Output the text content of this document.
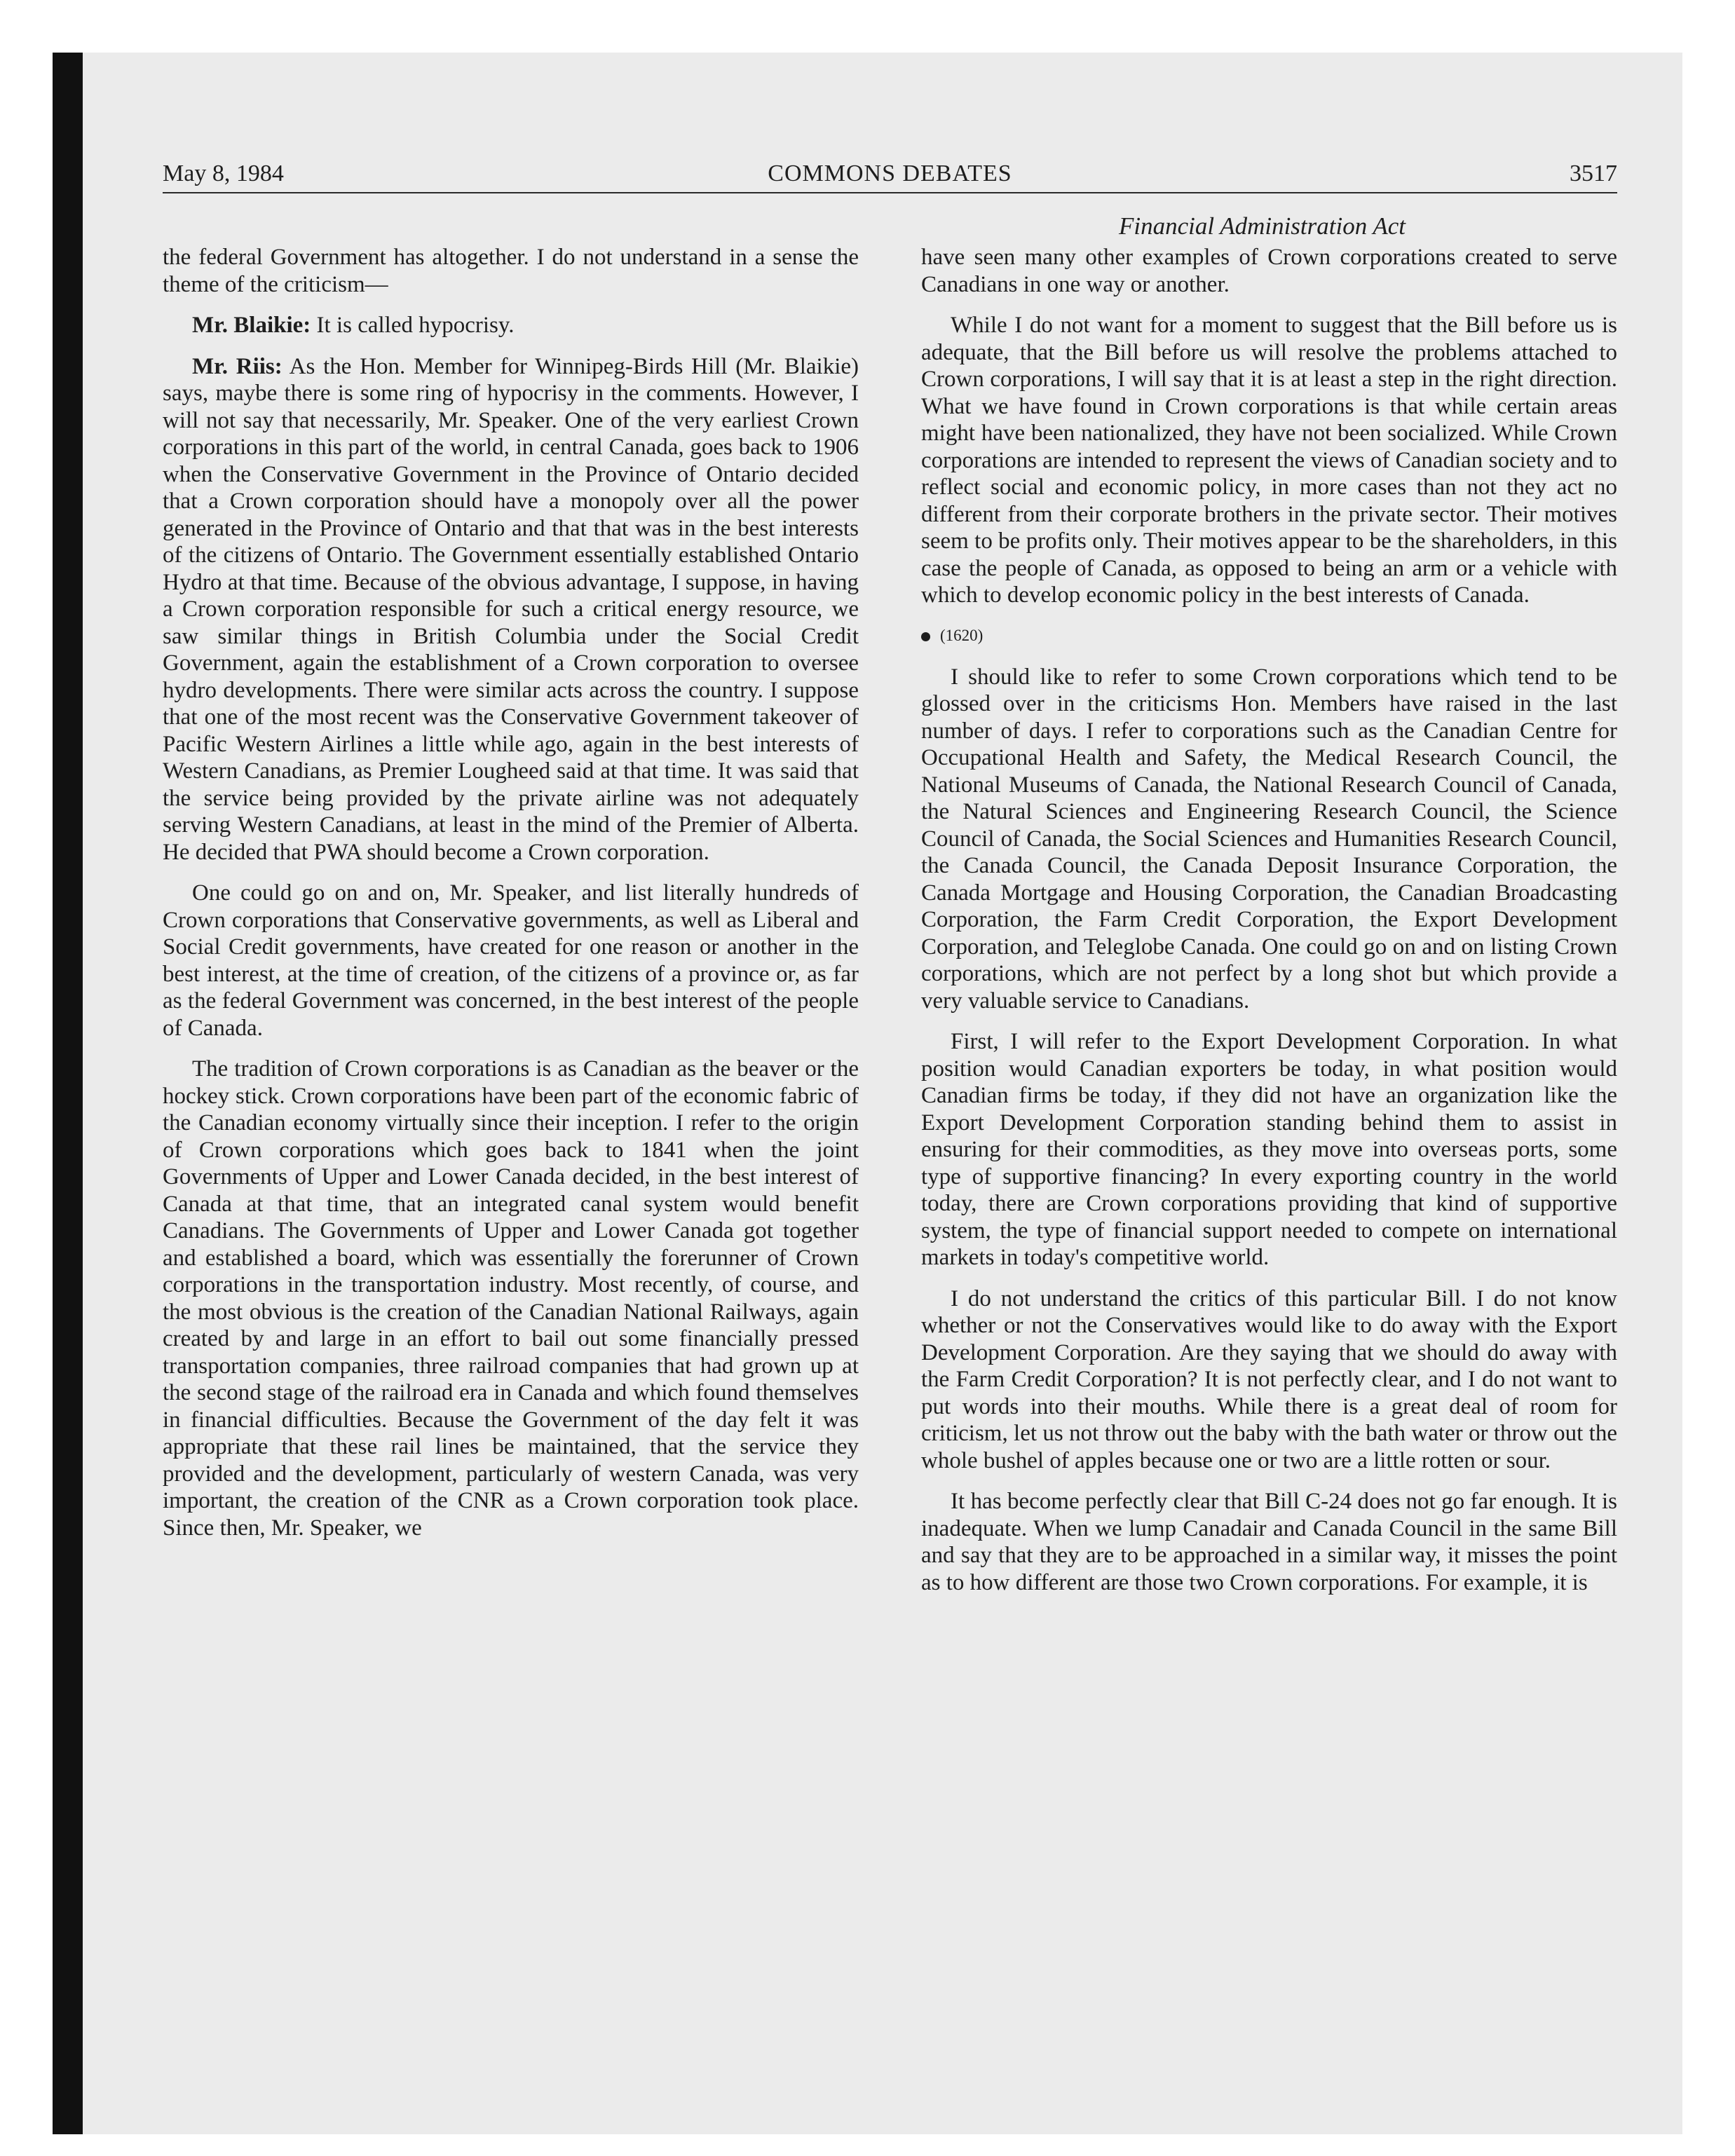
May 8, 1984	COMMONS DEBATES	3517
Financial Administration Act

the federal Government has altogether. I do not understand in a sense the theme of the criticism—

Mr. Blaikie: It is called hypocrisy.

Mr. Riis: As the Hon. Member for Winnipeg-Birds Hill (Mr. Blaikie) says, maybe there is some ring of hypocrisy in the comments. However, I will not say that necessarily, Mr. Speaker. One of the very earliest Crown corporations in this part of the world, in central Canada, goes back to 1906 when the Conservative Government in the Province of Ontario decided that a Crown corporation should have a monopoly over all the power generated in the Province of Ontario and that that was in the best interests of the citizens of Ontario. The Government essentially established Ontario Hydro at that time. Because of the obvious advantage, I suppose, in having a Crown corporation responsible for such a critical energy resource, we saw similar things in British Columbia under the Social Credit Government, again the establishment of a Crown corporation to oversee hydro developments. There were similar acts across the country. I suppose that one of the most recent was the Conservative Government takeover of Pacific Western Airlines a little while ago, again in the best interests of Western Canadians, as Premier Lougheed said at that time. It was said that the service being provided by the private airline was not adequately serving Western Canadians, at least in the mind of the Premier of Alberta. He decided that PWA should become a Crown corporation.

One could go on and on, Mr. Speaker, and list literally hundreds of Crown corporations that Conservative governments, as well as Liberal and Social Credit governments, have created for one reason or another in the best interest, at the time of creation, of the citizens of a province or, as far as the federal Government was concerned, in the best interest of the people of Canada.

The tradition of Crown corporations is as Canadian as the beaver or the hockey stick. Crown corporations have been part of the economic fabric of the Canadian economy virtually since their inception. I refer to the origin of Crown corporations which goes back to 1841 when the joint Governments of Upper and Lower Canada decided, in the best interest of Canada at that time, that an integrated canal system would benefit Canadians. The Governments of Upper and Lower Canada got together and established a board, which was essentially the forerunner of Crown corporations in the transportation industry. Most recently, of course, and the most obvious is the creation of the Canadian National Railways, again created by and large in an effort to bail out some financially pressed transportation companies, three railroad companies that had grown up at the second stage of the railroad era in Canada and which found themselves in financial difficulties. Because the Government of the day felt it was appropriate that these rail lines be maintained, that the service they provided and the development, particularly of western Canada, was very important, the creation of the CNR as a Crown corporation took place. Since then, Mr. Speaker, we

have seen many other examples of Crown corporations created to serve Canadians in one way or another.

While I do not want for a moment to suggest that the Bill before us is adequate, that the Bill before us will resolve the problems attached to Crown corporations, I will say that it is at least a step in the right direction. What we have found in Crown corporations is that while certain areas might have been nationalized, they have not been socialized. While Crown corporations are intended to represent the views of Canadian society and to reflect social and economic policy, in more cases than not they act no different from their corporate brothers in the private sector. Their motives seem to be profits only. Their motives appear to be the shareholders, in this case the people of Canada, as opposed to being an arm or a vehicle with which to develop economic policy in the best interests of Canada.

(1620)

I should like to refer to some Crown corporations which tend to be glossed over in the criticisms Hon. Members have raised in the last number of days. I refer to corporations such as the Canadian Centre for Occupational Health and Safety, the Medical Research Council, the National Museums of Canada, the National Research Council of Canada, the Natural Sciences and Engineering Research Council, the Science Council of Canada, the Social Sciences and Humanities Research Council, the Canada Council, the Canada Deposit Insurance Corporation, the Canada Mortgage and Housing Corporation, the Canadian Broadcasting Corporation, the Farm Credit Corporation, the Export Development Corporation, and Teleglobe Canada. One could go on and on listing Crown corporations, which are not perfect by a long shot but which provide a very valuable service to Canadians.

First, I will refer to the Export Development Corporation. In what position would Canadian exporters be today, in what position would Canadian firms be today, if they did not have an organization like the Export Development Corporation standing behind them to assist in ensuring for their commodities, as they move into overseas ports, some type of supportive financing? In every exporting country in the world today, there are Crown corporations providing that kind of supportive system, the type of financial support needed to compete on international markets in today's competitive world.

I do not understand the critics of this particular Bill. I do not know whether or not the Conservatives would like to do away with the Export Development Corporation. Are they saying that we should do away with the Farm Credit Corporation? It is not perfectly clear, and I do not want to put words into their mouths. While there is a great deal of room for criticism, let us not throw out the baby with the bath water or throw out the whole bushel of apples because one or two are a little rotten or sour.

It has become perfectly clear that Bill C-24 does not go far enough. It is inadequate. When we lump Canadair and Canada Council in the same Bill and say that they are to be approached in a similar way, it misses the point as to how different are those two Crown corporations. For example, it is
